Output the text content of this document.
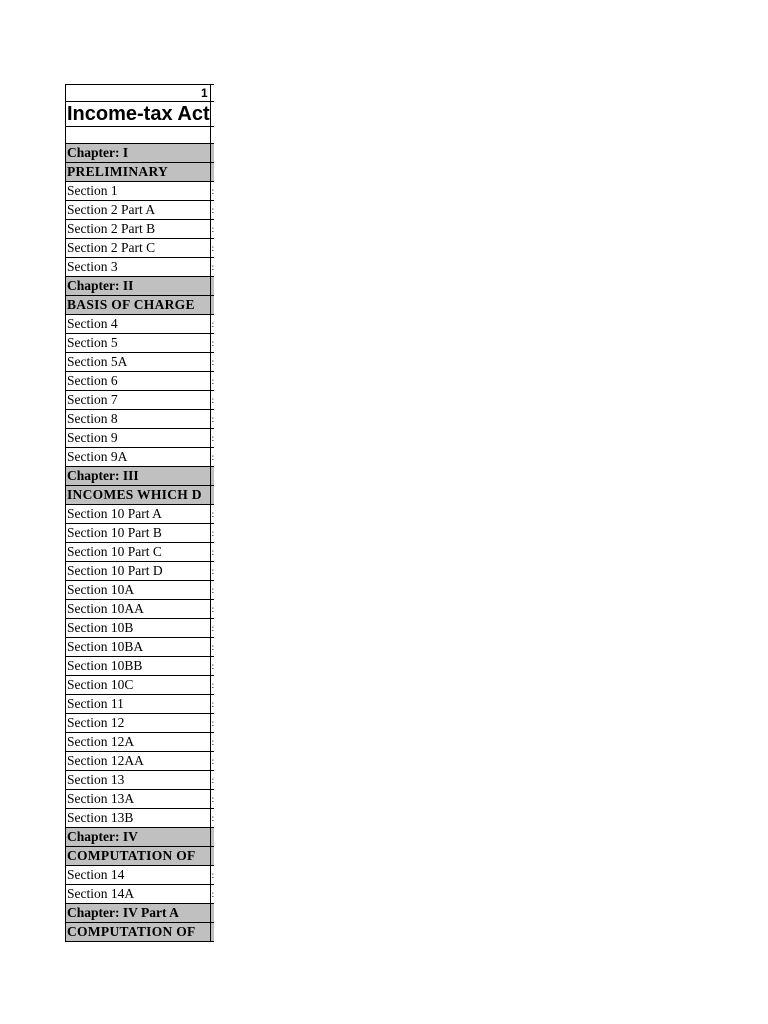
1	
Income-tax Act	

Chapter: I	
PRELIMINARY	
Section 1	:
Section 2 Part A	:
Section 2 Part B	:
Section 2 Part C	:
Section 3	:
Chapter: II	
BASIS OF CHARGE	
Section 4	:
Section 5	:
Section 5A	:
Section 6	:
Section 7	:
Section 8	:
Section 9	:
Section 9A	:
Chapter: III	
INCOMES WHICH D	
Section 10 Part A	:
Section 10 Part B	:
Section 10 Part C	:
Section 10 Part D	:
Section 10A	:
Section 10AA	:
Section 10B	:
Section 10BA	:
Section 10BB	:
Section 10C	:
Section 11	:
Section 12	:
Section 12A	:
Section 12AA	:
Section 13	:
Section 13A	:
Section 13B	:
Chapter: IV	
COMPUTATION OF	
Section 14	:
Section 14A	:
Chapter: IV Part A	
COMPUTATION OF	
